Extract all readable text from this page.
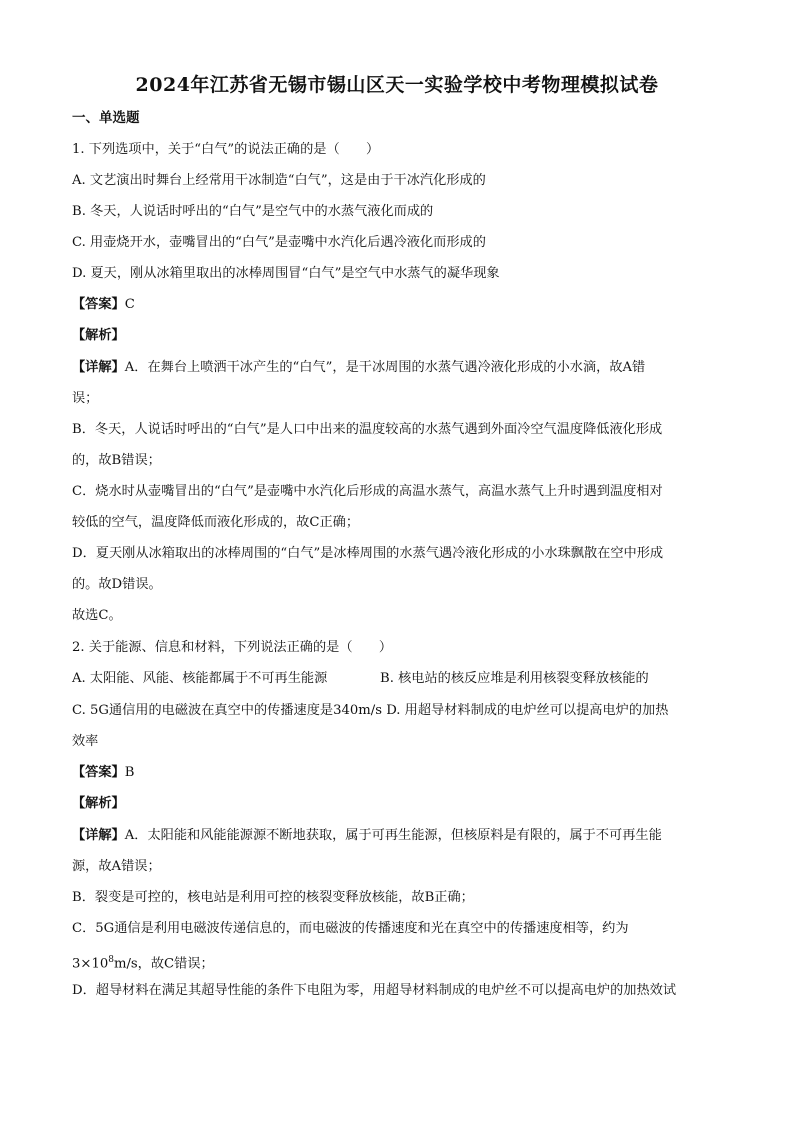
2024年江苏省无锡市锡山区天一实验学校中考物理模拟试卷
一、单选题
1. 下列选项中，关于“白气”的说法正确的是（　　）
A. 文艺演出时舞台上经常用干冰制造“白气”，这是由于干冰汽化形成的
B. 冬天，人说话时呼出的“白气”是空气中的水蒸气液化而成的
C. 用壶烧开水，壶嘴冒出的“白气”是壶嘴中水汽化后遇冷液化而形成的
D. 夏天，刚从冰箱里取出的冰棒周围冒“白气”是空气中水蒸气的凝华现象
【答案】C
【解析】
【详解】A．在舞台上喷洒干冰产生的“白气”，是干冰周围的水蒸气遇冷液化形成的小水滴，故A错
误；
B．冬天，人说话时呼出的“白气”是人口中出来的温度较高的水蒸气遇到外面冷空气温度降低液化形成
的，故B错误；
C．烧水时从壶嘴冒出的“白气”是壶嘴中水汽化后形成的高温水蒸气，高温水蒸气上升时遇到温度相对
较低的空气，温度降低而液化形成的，故C正确；
D．夏天刚从冰箱取出的冰棒周围的“白气”是冰棒周围的水蒸气遇冷液化形成的小水珠飘散在空中形成
的。故D错误。
故选C。
2. 关于能源、信息和材料，下列说法正确的是（　　）
A. 太阳能、风能、核能都属于不可再生能源　　　　B. 核电站的核反应堆是利用核裂变释放核能的
C. 5G通信用的电磁波在真空中的传播速度是340m/s D. 用超导材料制成的电炉丝可以提高电炉的加热
效率
【答案】B
【解析】
【详解】A．太阳能和风能能源源不断地获取，属于可再生能源，但核原料是有限的，属于不可再生能
源，故A错误；
B．裂变是可控的，核电站是利用可控的核裂变释放核能，故B正确；
C．5G通信是利用电磁波传递信息的，而电磁波的传播速度和光在真空中的传播速度相等，约为
$3\times 10^8m/s$，故C错误；
D．超导材料在满足其超导性能的条件下电阻为零，用超导材料制成的电炉丝不可以提高电炉的加热效试
